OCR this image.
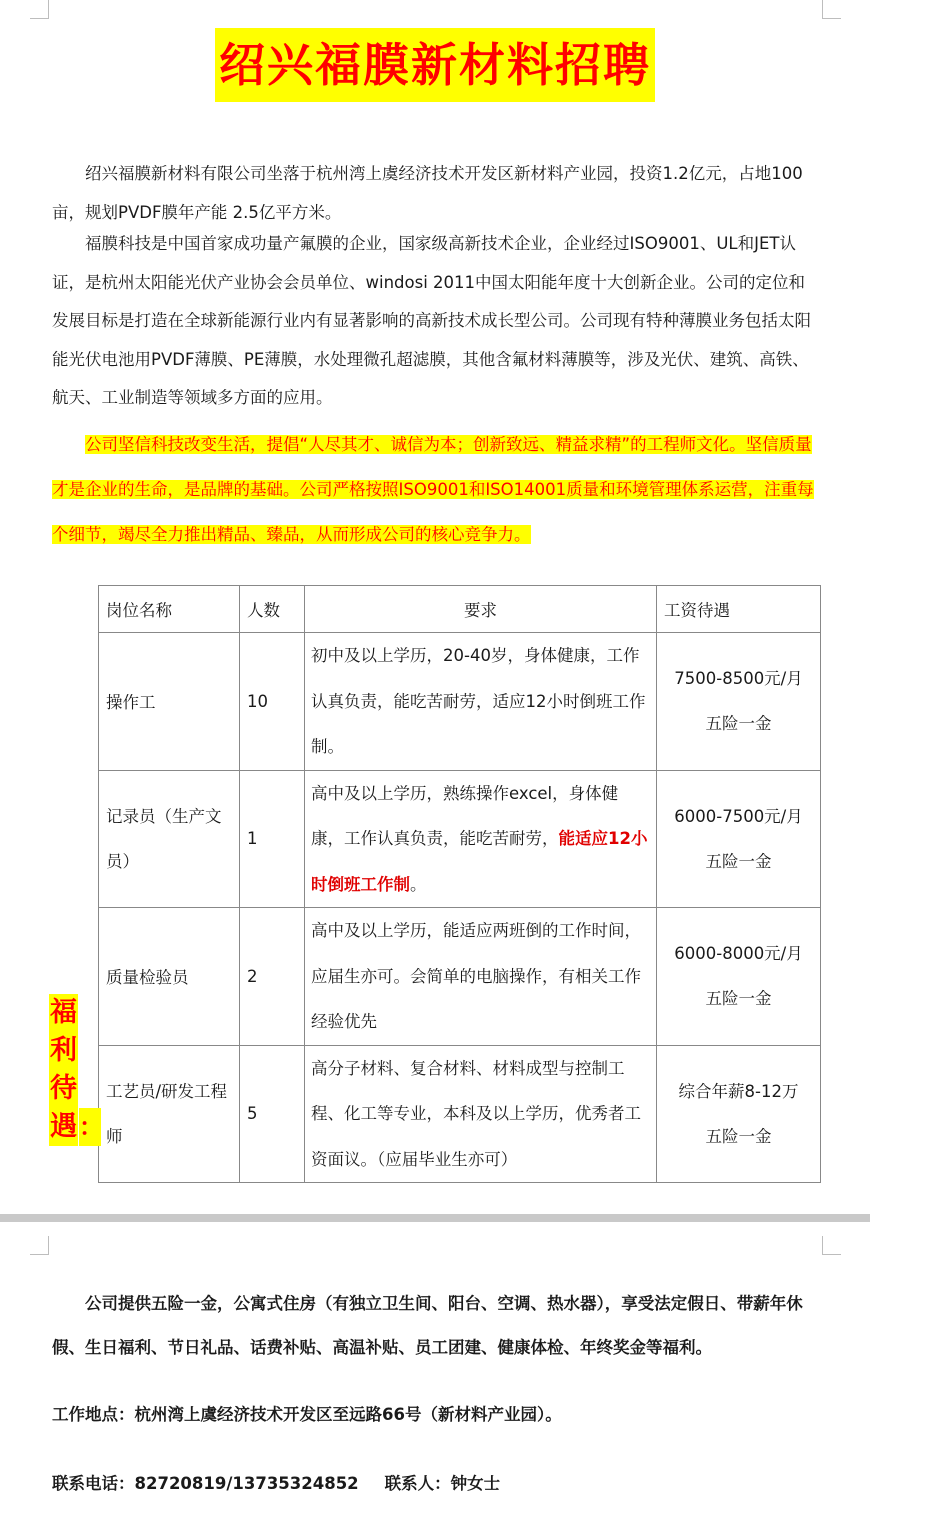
绍兴福膜新材料招聘

绍兴福膜新材料有限公司坐落于杭州湾上虞经济技术开发区新材料产业园，投资1.2亿元，占地100亩，规划PVDF膜年产能 2.5亿平方米。

福膜科技是中国首家成功量产氟膜的企业，国家级高新技术企业，企业经过ISO9001、UL和JET认证，是杭州太阳能光伏产业协会会员单位、windosi 2011中国太阳能年度十大创新企业。公司的定位和发展目标是打造在全球新能源行业内有显著影响的高新技术成长型公司。公司现有特种薄膜业务包括太阳能光伏电池用PVDF薄膜、PE薄膜，水处理微孔超滤膜，其他含氟材料薄膜等，涉及光伏、建筑、高铁、航天、工业制造等领域多方面的应用。

公司坚信科技改变生活，提倡“人尽其才、诚信为本；创新致远、精益求精”的工程师文化。坚信质量才是企业的生命，是品牌的基础。公司严格按照ISO9001和ISO14001质量和环境管理体系运营，注重每个细节，竭尽全力推出精品、臻品，从而形成公司的核心竞争力。

岗位名称	人数	要求	工资待遇
操作工	10	初中及以上学历，20-40岁，身体健康，工作认真负责，能吃苦耐劳，适应12小时倒班工作制。	7500-8500元/月
五险一金

记录员（生产文员）	1	高中及以上学历，熟练操作excel，身体健康，工作认真负责，能吃苦耐劳，能适应12小时倒班工作制。	6000-7500元/月
五险一金

质量检验员	2	高中及以上学历，能适应两班倒的工作时间，应届生亦可。会简单的电脑操作，有相关工作经验优先	6000-8000元/月
五险一金

工艺员/研发工程师	5	高分子材料、复合材料、材料成型与控制工程、化工等专业，本科及以上学历，优秀者工资面议。（应届毕业生亦可）	综合年薪8-12万
五险一金
福
利
待
遇 ：

公司提供五险一金，公寓式住房（有独立卫生间、阳台、空调、热水器），享受法定假日、带薪年休假、生日福利、节日礼品、话费补贴、高温补贴、员工团建、健康体检、年终奖金等福利。

工作地点：杭州湾上虞经济技术开发区至远路66号（新材料产业园）。

联系电话：82720819/13735324852 联系人：钟女士
